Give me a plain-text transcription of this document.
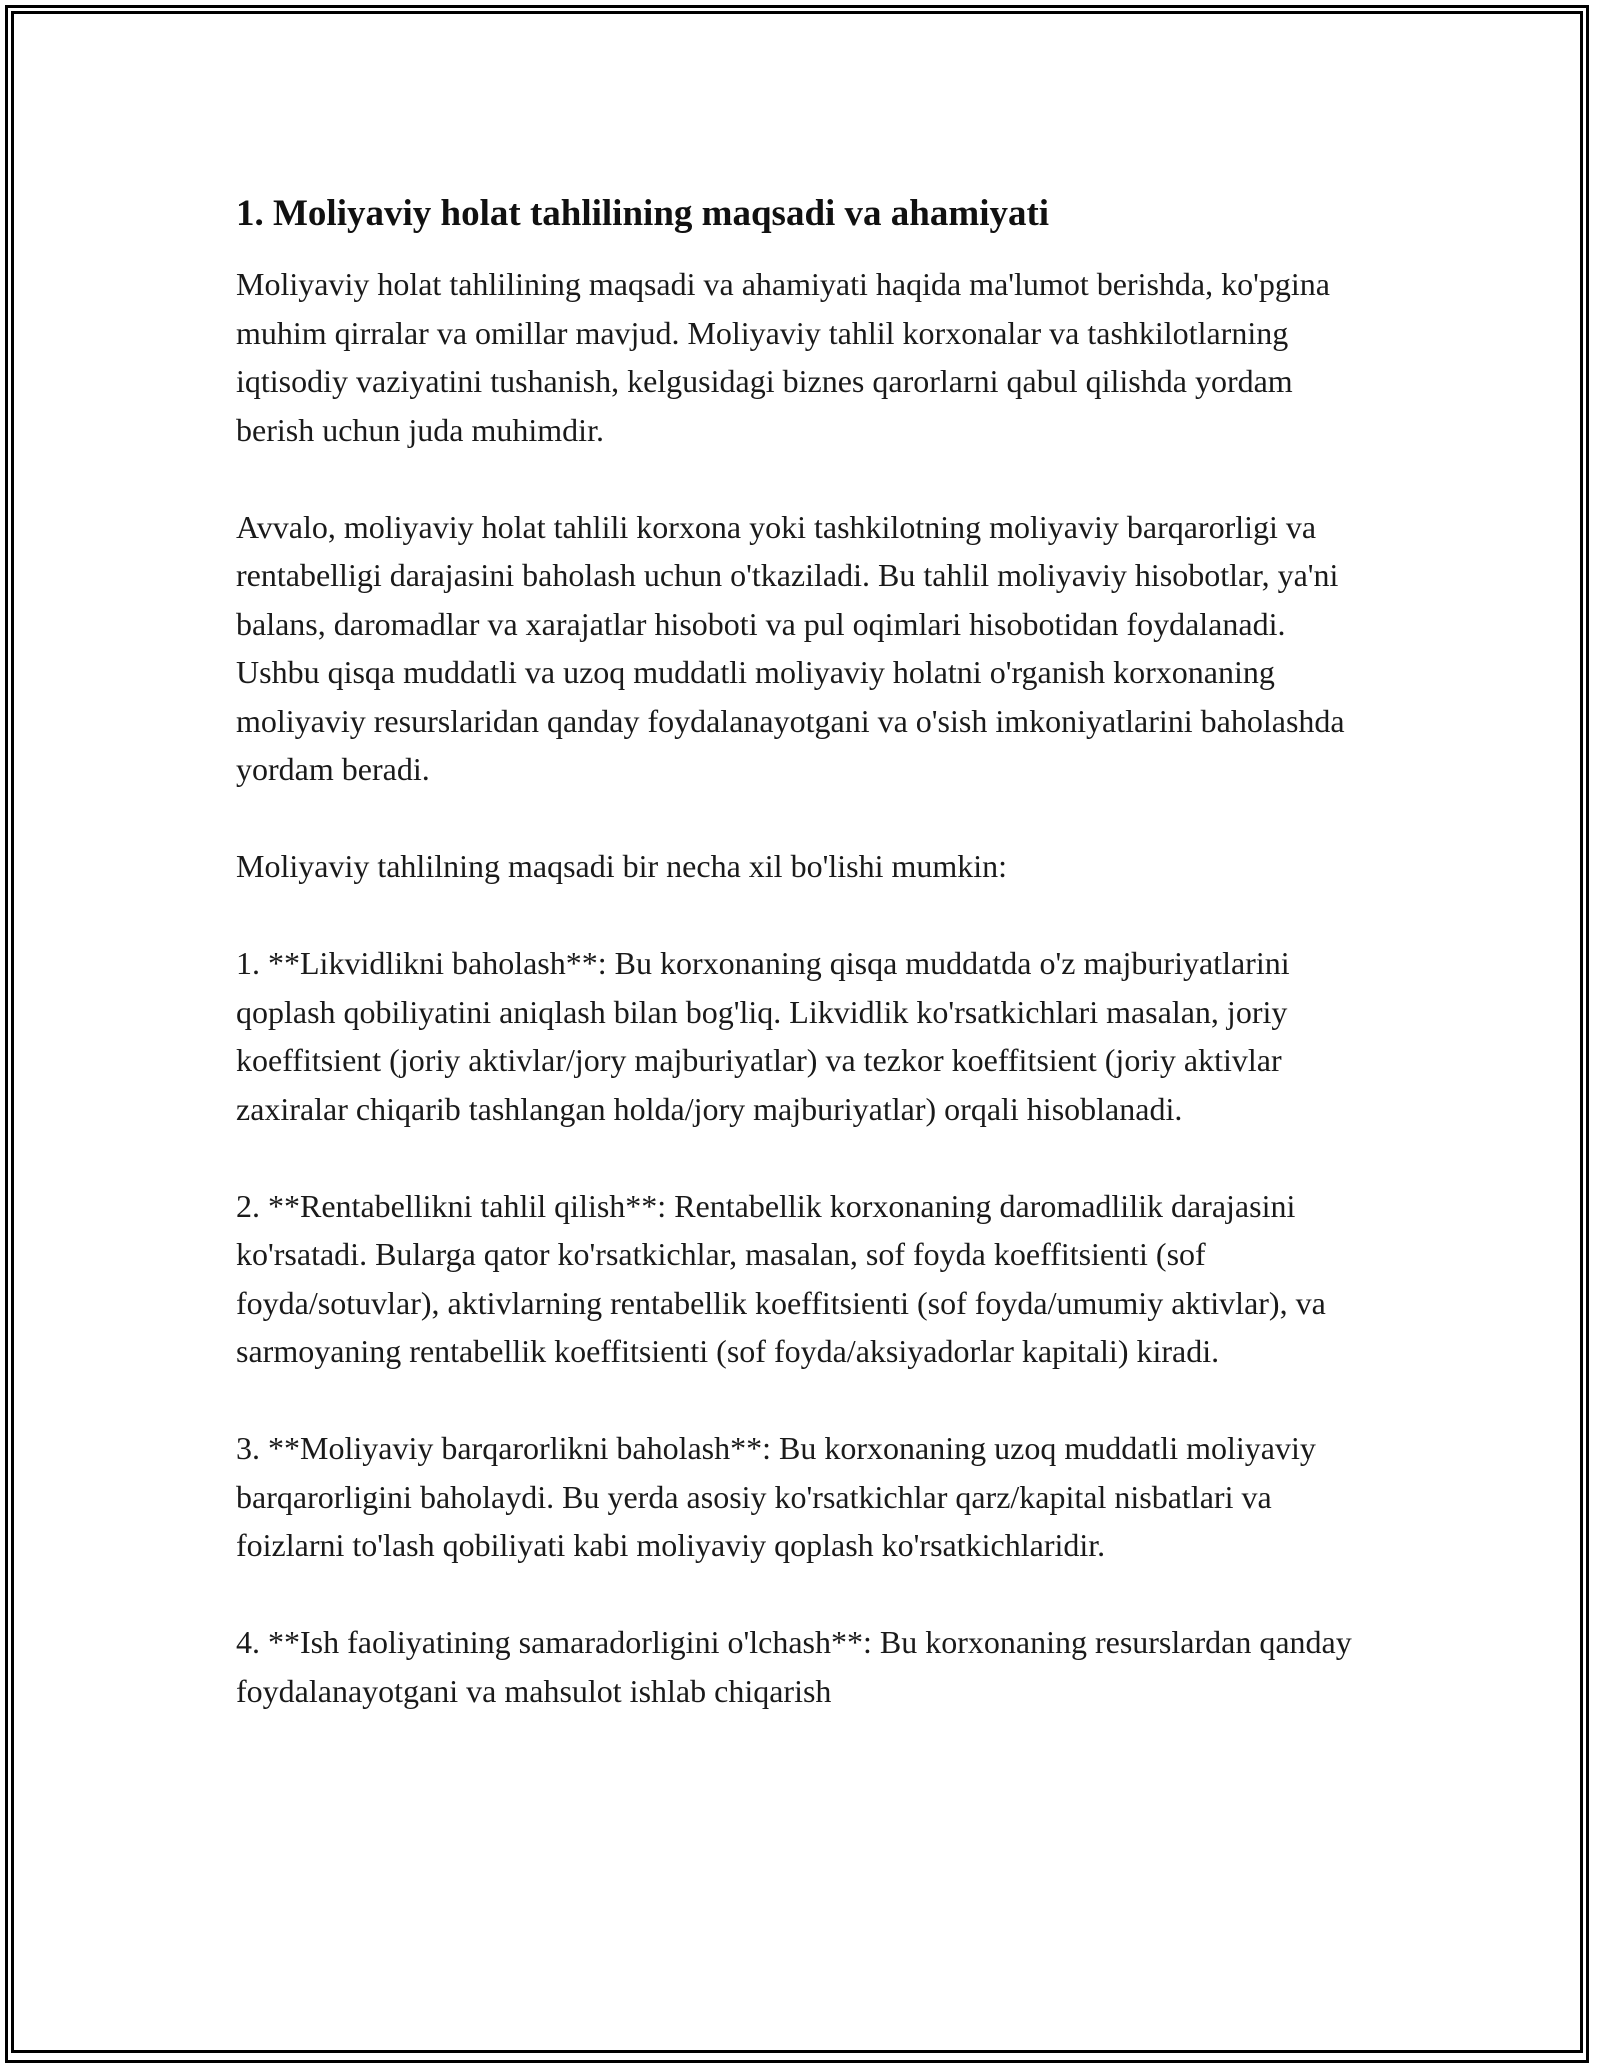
1. Moliyaviy holat tahlilining maqsadi va ahamiyati

Moliyaviy holat tahlilining maqsadi va ahamiyati haqida ma'lumot berishda, ko'pgina muhim qirralar va omillar mavjud. Moliyaviy tahlil korxonalar va tashkilotlarning iqtisodiy vaziyatini tushanish, kelgusidagi biznes qarorlarni qabul qilishda yordam berish uchun juda muhimdir.

Avvalo, moliyaviy holat tahlili korxona yoki tashkilotning moliyaviy barqarorligi va rentabelligi darajasini baholash uchun o'tkaziladi. Bu tahlil moliyaviy hisobotlar, ya'ni balans, daromadlar va xarajatlar hisoboti va pul oqimlari hisobotidan foydalanadi. Ushbu qisqa muddatli va uzoq muddatli moliyaviy holatni o'rganish korxonaning moliyaviy resurslaridan qanday foydalanayotgani va o'sish imkoniyatlarini baholashda yordam beradi.

Moliyaviy tahlilning maqsadi bir necha xil bo'lishi mumkin:

1. **Likvidlikni baholash**: Bu korxonaning qisqa muddatda o'z majburiyatlarini qoplash qobiliyatini aniqlash bilan bog'liq. Likvidlik ko'rsatkichlari masalan, joriy koeffitsient (joriy aktivlar/jory majburiyatlar) va tezkor koeffitsient (joriy aktivlar zaxiralar chiqarib tashlangan holda/jory majburiyatlar) orqali hisoblanadi.

2. **Rentabellikni tahlil qilish**: Rentabellik korxonaning daromadlilik darajasini ko'rsatadi. Bularga qator ko'rsatkichlar, masalan, sof foyda koeffitsienti (sof foyda/sotuvlar), aktivlarning rentabellik koeffitsienti (sof foyda/umumiy aktivlar), va sarmoyaning rentabellik koeffitsienti (sof foyda/aksiyadorlar kapitali) kiradi.

3. **Moliyaviy barqarorlikni baholash**: Bu korxonaning uzoq muddatli moliyaviy barqarorligini baholaydi. Bu yerda asosiy ko'rsatkichlar qarz/kapital nisbatlari va foizlarni to'lash qobiliyati kabi moliyaviy qoplash ko'rsatkichlaridir.

4. **Ish faoliyatining samaradorligini o'lchash**: Bu korxonaning resurslardan qanday foydalanayotgani va mahsulot ishlab chiqarish
